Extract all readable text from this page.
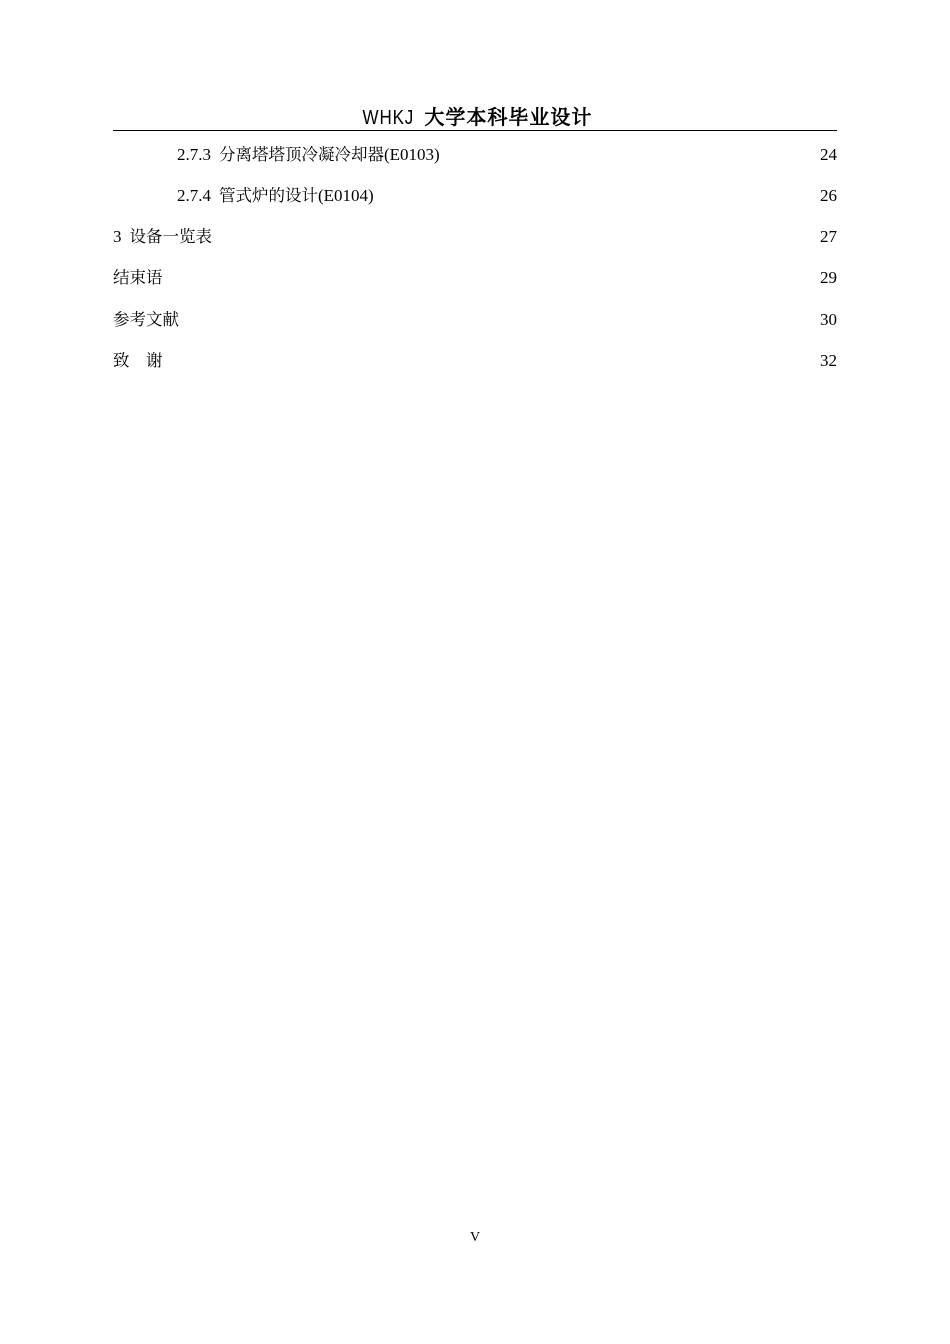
WHKJ 大学本科毕业设计
2.7.3 分离塔塔顶冷凝冷却器(E0103)	24
2.7.4 管式炉的设计(E0104)	26
3 设备一览表	27
结束语	29
参考文献	30
致　谢	32
V
